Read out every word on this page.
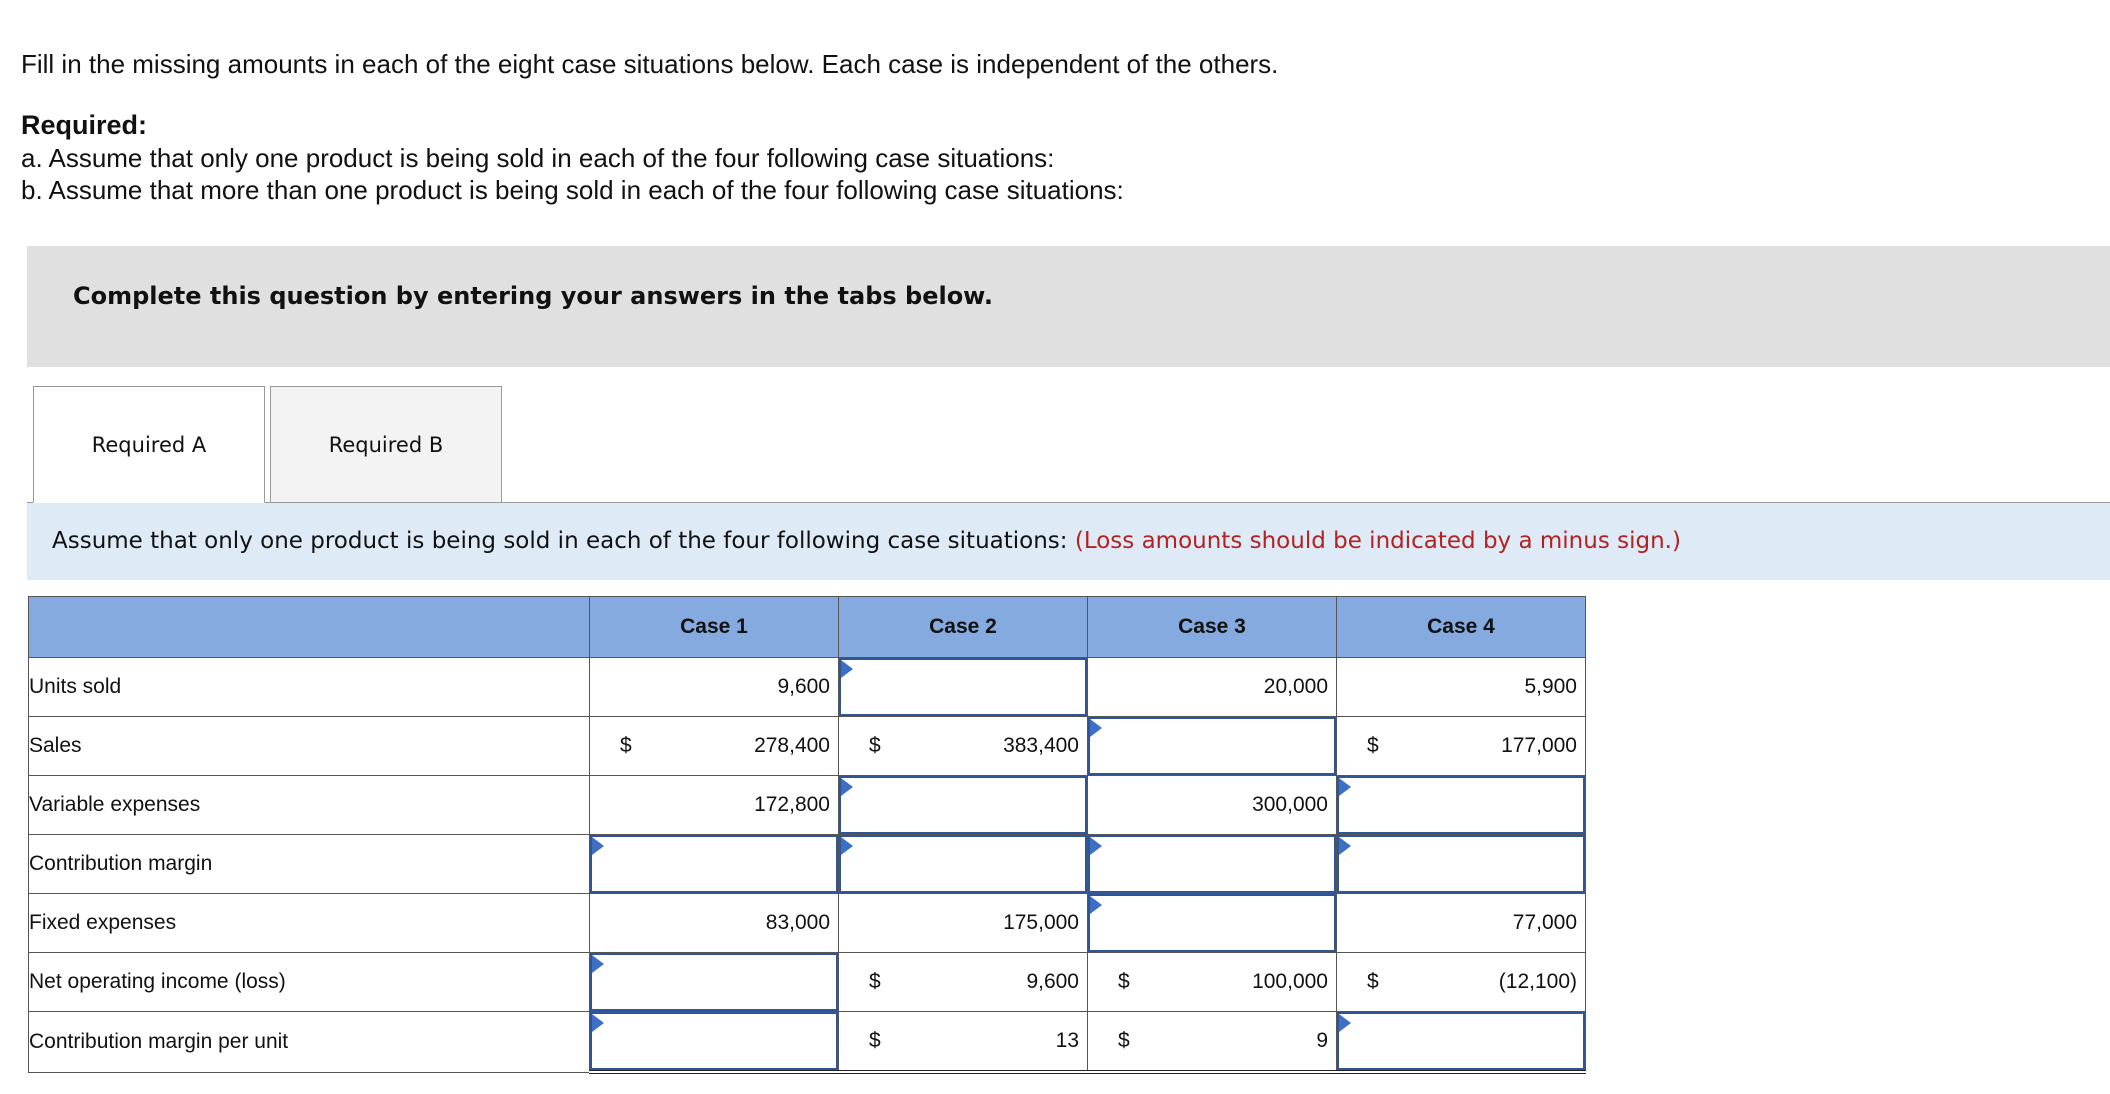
Fill in the missing amounts in each of the eight case situations below. Each case is independent of the others.
Required:
a. Assume that only one product is being sold in each of the four following case situations:
b. Assume that more than one product is being sold in each of the four following case situations:
Complete this question by entering your answers in the tabs below.
Required A	Required B
Assume that only one product is being sold in each of the four following case situations: (Loss amounts should be indicated by a minus sign.)
	Case 1	Case 2	Case 3	Case 4
Units sold	9,600		20,000	5,900

Sales	$ 278,400	$ 383,400		$ 177,000

Variable expenses	172,800		300,000

Contribution margin	

Fixed expenses	83,000	175,000		77,000

Net operating income (loss)		$ 9,600	$ 100,000	$ (12,100)

Contribution margin per unit		$ 13	$ 9
